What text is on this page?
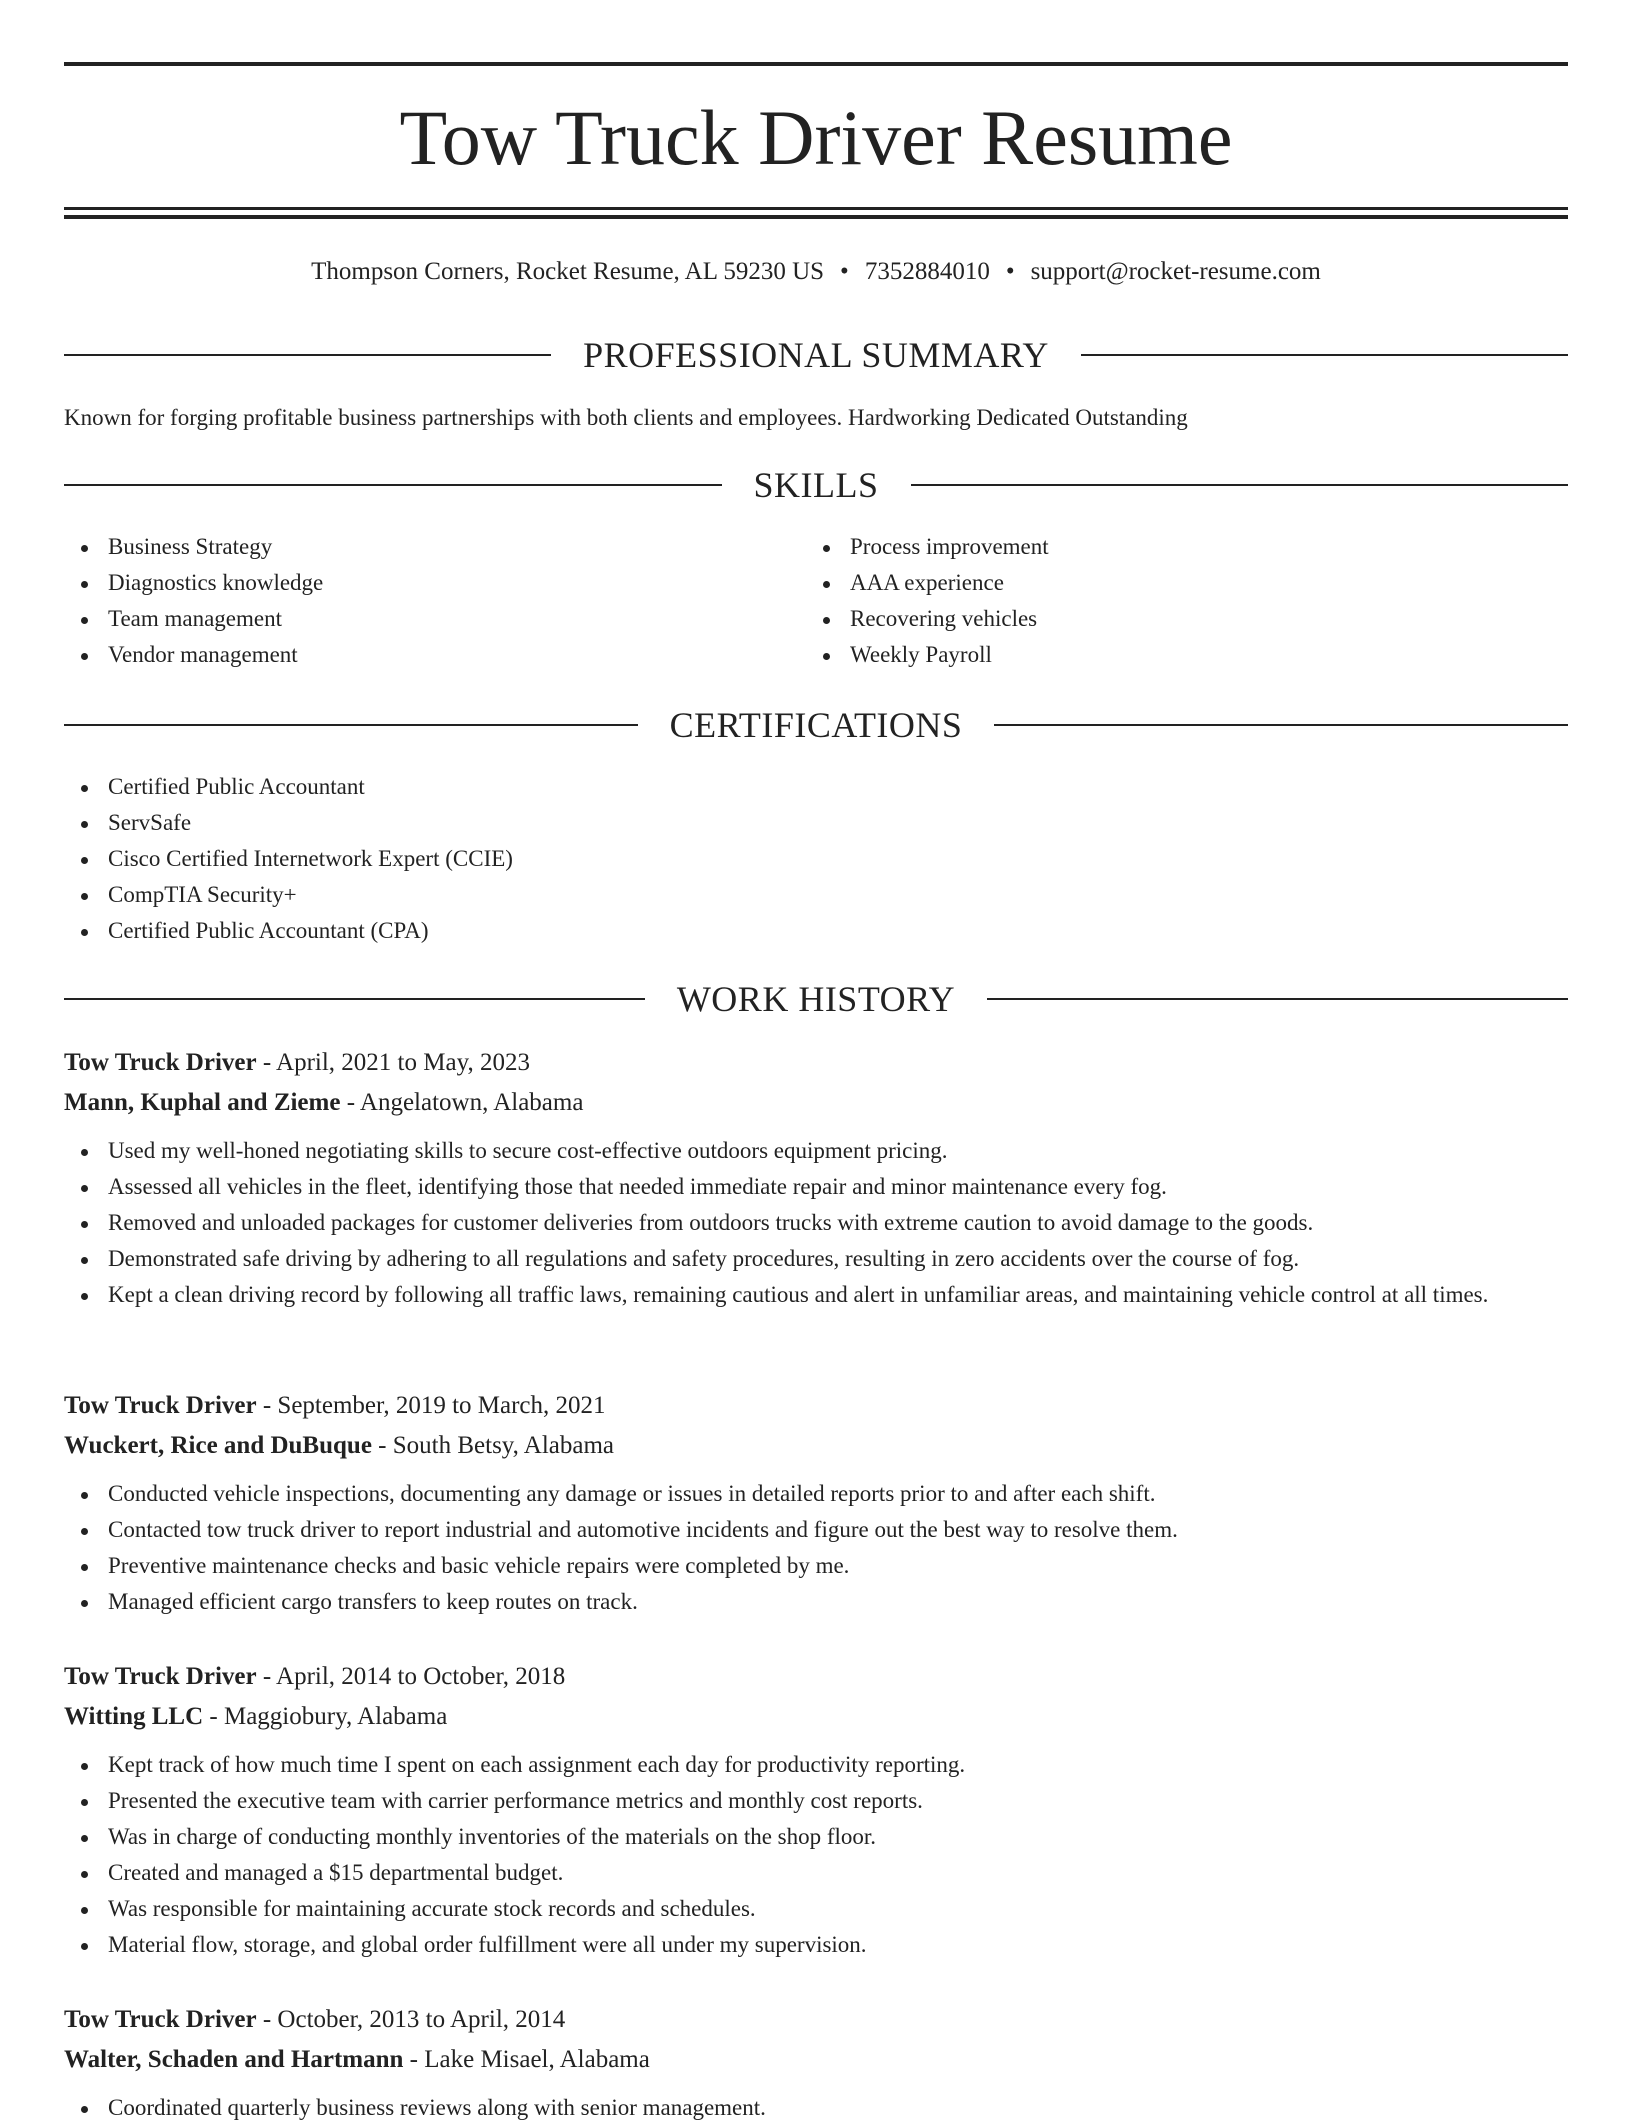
Tow Truck Driver Resume
Thompson Corners, Rocket Resume, AL 59230 US • 7352884010 • support@rocket-resume.com
PROFESSIONAL SUMMARY

Known for forging profitable business partnerships with both clients and employees. Hardworking Dedicated Outstanding

SKILLS
Business Strategy
Diagnostics knowledge
Team management
Vendor management
Process improvement
AAA experience
Recovering vehicles
Weekly Payroll
CERTIFICATIONS
Certified Public Accountant
ServSafe
Cisco Certified Internetwork Expert (CCIE)
CompTIA Security+
Certified Public Accountant (CPA)
WORK HISTORY
Tow Truck Driver - April, 2021 to May, 2023
Mann, Kuphal and Zieme - Angelatown, Alabama
Used my well-honed negotiating skills to secure cost-effective outdoors equipment pricing.
Assessed all vehicles in the fleet, identifying those that needed immediate repair and minor maintenance every fog.
Removed and unloaded packages for customer deliveries from outdoors trucks with extreme caution to avoid damage to the goods.
Demonstrated safe driving by adhering to all regulations and safety procedures, resulting in zero accidents over the course of fog.
Kept a clean driving record by following all traffic laws, remaining cautious and alert in unfamiliar areas, and maintaining vehicle control at all times.
Tow Truck Driver - September, 2019 to March, 2021
Wuckert, Rice and DuBuque - South Betsy, Alabama
Conducted vehicle inspections, documenting any damage or issues in detailed reports prior to and after each shift.
Contacted tow truck driver to report industrial and automotive incidents and figure out the best way to resolve them.
Preventive maintenance checks and basic vehicle repairs were completed by me.
Managed efficient cargo transfers to keep routes on track.
Tow Truck Driver - April, 2014 to October, 2018
Witting LLC - Maggiobury, Alabama
Kept track of how much time I spent on each assignment each day for productivity reporting.
Presented the executive team with carrier performance metrics and monthly cost reports.
Was in charge of conducting monthly inventories of the materials on the shop floor.
Created and managed a $15 departmental budget.
Was responsible for maintaining accurate stock records and schedules.
Material flow, storage, and global order fulfillment were all under my supervision.
Tow Truck Driver - October, 2013 to April, 2014
Walter, Schaden and Hartmann - Lake Misael, Alabama
Coordinated quarterly business reviews along with senior management.
